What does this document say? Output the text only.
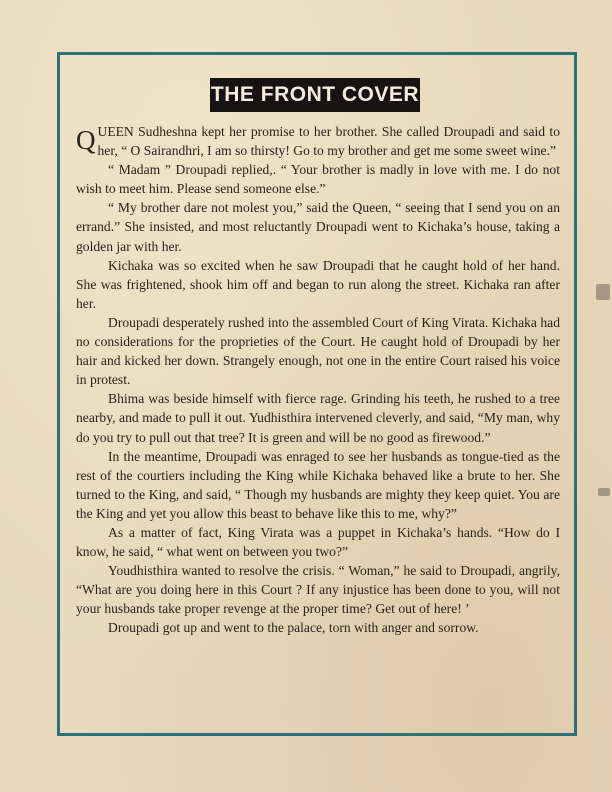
THE FRONT COVER

QUEEN Sudheshna kept her promise to her brother. She called Droupadi and said to her, “ O Sairandhri, I am so thirsty! Go to my brother and get me some sweet wine.”

“ Madam ” Droupadi replied,. “ Your brother is madly in love with me. I do not wish to meet him. Please send someone else.”

“ My brother dare not molest you,” said the Queen, “ seeing that I send you on an errand.” She insisted, and most reluctantly Droupadi went to Kichaka’s house, taking a golden jar with her.

Kichaka was so excited when he saw Droupadi that he caught hold of her hand. She was frightened, shook him off and began to run along the street. Kichaka ran after her.

Droupadi desperately rushed into the assembled Court of King Virata. Kichaka had no considerations for the proprieties of the Court. He caught hold of Droupadi by her hair and kicked her down. Strangely enough, not one in the entire Court raised his voice in protest.

Bhima was beside himself with fierce rage. Grinding his teeth, he rushed to a tree nearby, and made to pull it out. Yudhisthira intervened cleverly, and said, “My man, why do you try to pull out that tree? It is green and will be no good as firewood.”

In the meantime, Droupadi was enraged to see her husbands as tongue-tied as the rest of the courtiers including the King while Kichaka behaved like a brute to her. She turned to the King, and said, “ Though my husbands are mighty they keep quiet. You are the King and yet you allow this beast to behave like this to me, why?”

As a matter of fact, King Virata was a puppet in Kichaka’s hands. “How do I know, he said, “ what went on between you two?”

Youdhisthira wanted to resolve the crisis. “ Woman,” he said to Droupadi, angrily, “What are you doing here in this Court ? If any injustice has been done to you, will not your husbands take proper revenge at the proper time? Get out of here! ’

Droupadi got up and went to the palace, torn with anger and sorrow.
